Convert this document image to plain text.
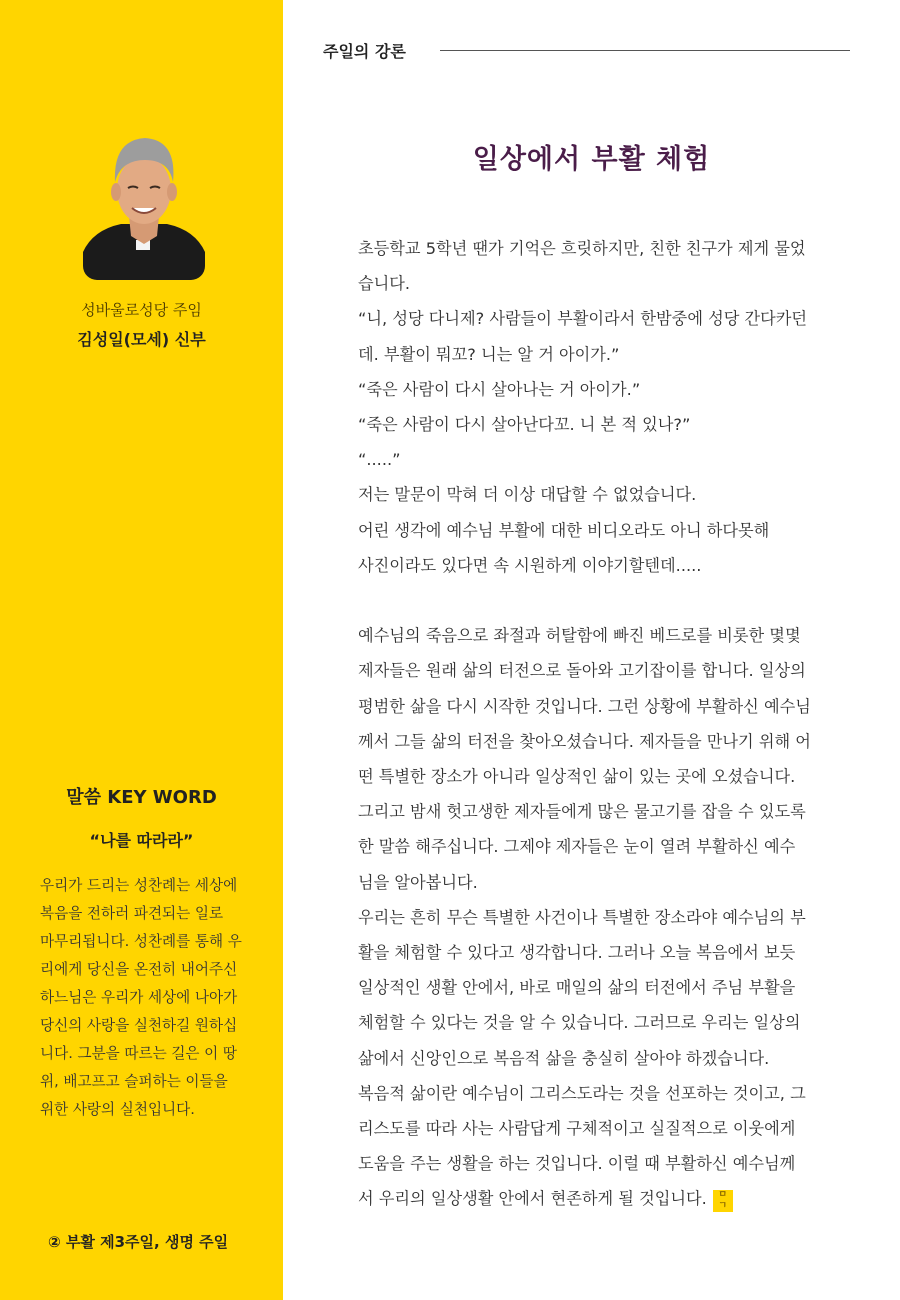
성바울로성당 주임
김성일(모세) 신부
말씀 KEY WORD
“나를 따라라”

우리가 드리는 성찬례는 세상에

복음을 전하러 파견되는 일로

마무리됩니다. 성찬례를 통해 우

리에게 당신을 온전히 내어주신

하느님은 우리가 세상에 나아가

당신의 사랑을 실천하길 원하십

니다. 그분을 따르는 길은 이 땅

위, 배고프고 슬퍼하는 이들을

위한 사랑의 실천입니다.

② 부활 제3주일, 생명 주일
주일의 강론
일상에서 부활 체험

초등학교 5학년 땐가 기억은 흐릿하지만, 친한 친구가 제게 물었

습니다.

“니, 성당 다니제? 사람들이 부활이라서 한밤중에 성당 간다카던

데. 부활이 뭐꼬? 니는 알 거 아이가.”

“죽은 사람이 다시 살아나는 거 아이가.”

“죽은 사람이 다시 살아난다꼬. 니 본 적 있나?”

“.....”

저는 말문이 막혀 더 이상 대답할 수 없었습니다.

어린 생각에 예수님 부활에 대한 비디오라도 아니 하다못해

사진이라도 있다면 속 시원하게 이야기할텐데.....

예수님의 죽음으로 좌절과 허탈함에 빠진 베드로를 비롯한 몇몇

제자들은 원래 삶의 터전으로 돌아와 고기잡이를 합니다. 일상의

평범한 삶을 다시 시작한 것입니다. 그런 상황에 부활하신 예수님

께서 그들 삶의 터전을 찾아오셨습니다. 제자들을 만나기 위해 어

떤 특별한 장소가 아니라 일상적인 삶이 있는 곳에 오셨습니다.

그리고 밤새 헛고생한 제자들에게 많은 물고기를 잡을 수 있도록

한 말씀 해주십니다. 그제야 제자들은 눈이 열려 부활하신 예수

님을 알아봅니다.

우리는 흔히 무슨 특별한 사건이나 특별한 장소라야 예수님의 부

활을 체험할 수 있다고 생각합니다. 그러나 오늘 복음에서 보듯

일상적인 생활 안에서, 바로 매일의 삶의 터전에서 주님 부활을

체험할 수 있다는 것을 알 수 있습니다. 그러므로 우리는 일상의

삶에서 신앙인으로 복음적 삶을 충실히 살아야 하겠습니다.

복음적 삶이란 예수님이 그리스도라는 것을 선포하는 것이고, 그

리스도를 따라 사는 사람답게 구체적이고 실질적으로 이웃에게

도움을 주는 생활을 하는 것입니다. 이럴 때 부활하신 예수님께

서 우리의 일상생활 안에서 현존하게 될 것입니다. ㅁ
ㄱ
